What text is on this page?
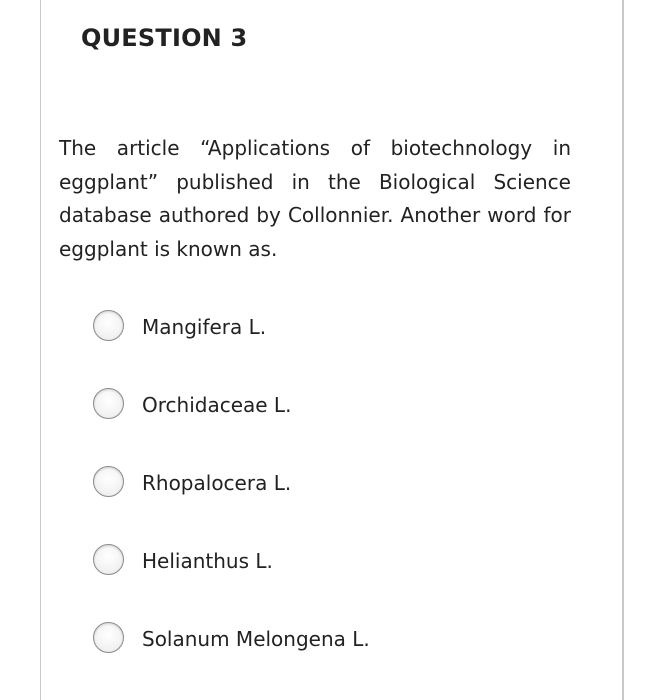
QUESTION 3
The article “Applications of biotechnology in eggplant” published in the Biological Science database authored by Collonnier. Another word for eggplant is known as.
Mangifera L.
Orchidaceae L.
Rhopalocera L.
Helianthus L.
Solanum Melongena L.
